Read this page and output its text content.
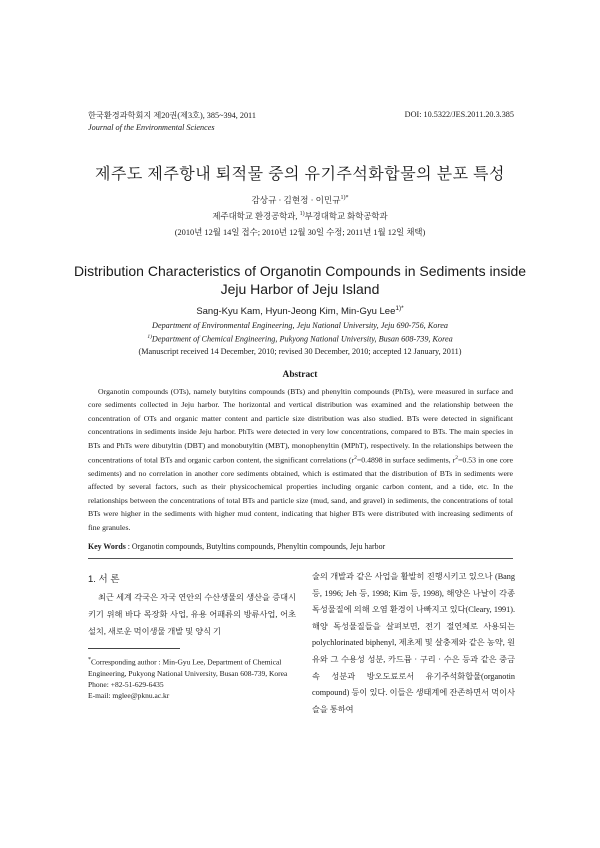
한국환경과학회지 제20권(제3호), 385~394, 2011
Journal of the Environmental Sciences
DOI: 10.5322/JES.2011.20.3.385
제주도 제주항내 퇴적물 중의 유기주석화합물의 분포 특성
감상규 · 김현정 · 이민규$^{1)*}$
제주대학교 환경공학과, $^{1)}$부경대학교 화학공학과
(2010년 12월 14일 접수; 2010년 12월 30일 수정; 2011년 1월 12일 채택)
Distribution Characteristics of Organotin Compounds in Sediments inside Jeju Harbor of Jeju Island
Sang-Kyu Kam, Hyun-Jeong Kim, Min-Gyu Lee$^{1)*}$
Department of Environmental Engineering, Jeju National University, Jeju 690-756, Korea
$^{1)}$Department of Chemical Engineering, Pukyong National University, Busan 608-739, Korea
(Manuscript received 14 December, 2010; revised 30 December, 2010; accepted 12 January, 2011)
Abstract

Organotin compounds (OTs), namely butyltins compounds (BTs) and phenyltin compounds (PhTs), were measured in surface and core sediments collected in Jeju harbor. The horizontal and vertical distribution was examined and the relationship between the concentration of OTs and organic matter content and particle size distribution was also studied. BTs were detected in significant concentrations in sediments inside Jeju harbor. PhTs were detected in very low concentrations, compared to BTs. The main species in BTs and PhTs were dibutyltin (DBT) and monobutyltin (MBT), monophenyltin (MPhT), respectively. In the relationships between the concentrations of total BTs and organic carbon content, the significant correlations ($r^2=0.4898$ in surface sediments, $r^2=0.53$ in one core sediments) and no correlation in another core sediments obtained, which is estimated that the distribution of BTs in sediments were affected by several factors, such as their physicochemical properties including organic carbon content, and a tide, etc. In the relationships between the concentrations of total BTs and particle size (mud, sand, and gravel) in sediments, the concentrations of total BTs were higher in the sediments with higher mud content, indicating that higher BTs were distributed with increasing sediments of fine granules.

Key Words : Organotin compounds, Butyltins compounds, Phenyltin compounds, Jeju harbor
1. 서 론

최근 세계 각국은 자국 연안의 수산생물의 생산을 증대시키기 위해 바다 목장화 사업, 유용 어패류의 방류사업, 어초 설치, 새로운 먹이생물 개발 및 양식 기

*Corresponding author : Min-Gyu Lee, Department of Chemical Engineering, Pukyong National University, Busan 608-739, Korea
Phone: +82-51-629-6435
E-mail: mglee@pknu.ac.kr

술의 개발과 같은 사업을 활발히 진행시키고 있으나 (Bang 등, 1996; Jeh 등, 1998; Kim 등, 1998), 해양은 나날이 각종 독성물질에 의해 오염 환경이 나빠지고 있다(Cleary, 1991). 해양 독성물질들을 살펴보면, 전기 절연체로 사용되는 polychlorinated biphenyl, 제초제 및 살충제와 같은 농약, 원유와 그 수용성 성분, 카드뮴 · 구리 · 수은 등과 같은 중금속 성분과 방오도료로서 유기주석화합물(organotin compound) 등이 있다. 이들은 생태계에 잔존하면서 먹이사슬을 통하여
